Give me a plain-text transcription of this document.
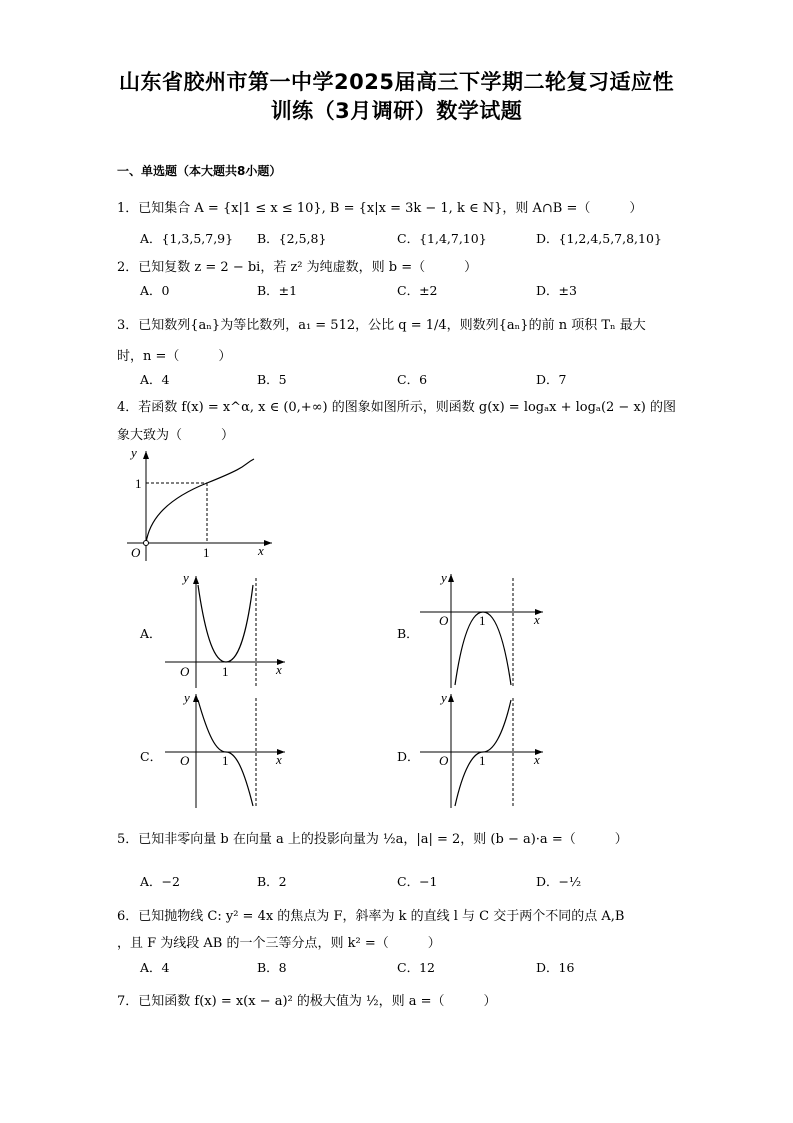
山东省胶州市第一中学2025届高三下学期二轮复习适应性
训练（3月调研）数学试题
一、单选题（本大题共8小题）
1．已知集合 A = {x|1 ≤ x ≤ 10}, B = {x|x = 3k − 1, k ∈ N}，则 A∩B =（　　　）
A．{1,3,5,7,9} B．{2,5,8}	C．{1,4,7,10}	D．{1,2,4,5,7,8,10}
2．已知复数 z = 2 − bi，若 z² 为纯虚数，则 b =（　　　）
A．0	B．±1	C．±2	D．±3
3．已知数列{aₙ}为等比数列，a₁ = 512，公比 q = 1/4，则数列{aₙ}的前 n 项积 Tₙ 最大
时，n =（　　　）
A．4	B．5	C．6	D．7
4．若函数 f(x) = x^α, x ∈ (0,+∞) 的图象如图所示，则函数 g(x) = logₐx + logₐ(2 − x) 的图
象大致为（　　　）
y
1
O	1	x
A．
y
O	1	x
B．
y
O 1	x
C．
y
O	1	x	D．
y
O 1	x
5．已知非零向量 b 在向量 a 上的投影向量为 ½a，|a| = 2，则 (b − a)·a =（　　　）
A．−2	B．2	C．−1	D．−½
6．已知抛物线 C: y² = 4x 的焦点为 F，斜率为 k 的直线 l 与 C 交于两个不同的点 A,B
，且 F 为线段 AB 的一个三等分点，则 k² =（　　　）
A．4	B．8	C．12	D．16
7．已知函数 f(x) = x(x − a)² 的极大值为 ½，则 a =（　　　）
